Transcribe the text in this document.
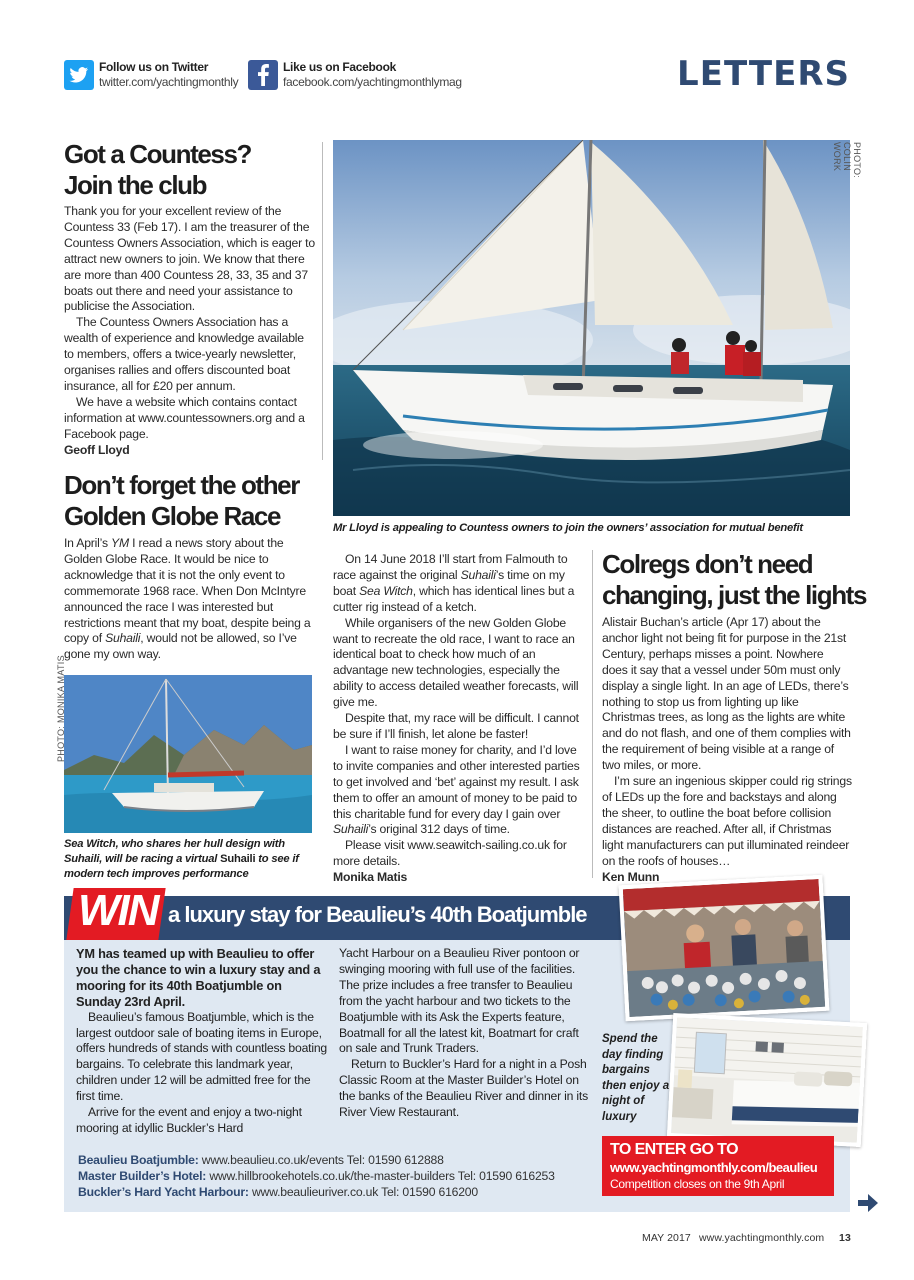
Follow us on Twitter
twitter.com/yachtingmonthly
Like us on Facebook
facebook.com/yachtingmonthlymag	LETTERS
Got a Countess?
Join the club

Thank you for your excellent review of the Countess 33 (Feb 17). I am the treasurer of the Countess Owners Association, which is eager to attract new owners to join. We know that there are more than 400 Countess 28, 33, 35 and 37 boats out there and need your assistance to publicise the Association.

The Countess Owners Association has a wealth of experience and knowledge available to members, offers a twice-yearly newsletter, organises rallies and offers discounted boat insurance, all for £20 per annum.

We have a website which contains contact information at www.countessowners.org and a Facebook page.

Geoff Lloyd

PHOTO: COLIN WORK
Mr Lloyd is appealing to Countess owners to join the owners’ association for mutual benefit
Don’t forget the other
Golden Globe Race

In April’s YM I read a news story about the Golden Globe Race. It would be nice to acknowledge that it is not the only event to commemorate 1968 race. When Don McIntyre announced the race I was interested but restrictions meant that my boat, despite being a copy of Suhaili, would not be allowed, so I’ve gone my own way.

PHOTO: MONIKA MATIS
Sea Witch, who shares her hull design with Suhaili, will be racing a virtual Suhaili to see if modern tech improves performance

On 14 June 2018 I’ll start from Falmouth to race against the original Suhaili’s time on my boat Sea Witch, which has identical lines but a cutter rig instead of a ketch.

While organisers of the new Golden Globe want to recreate the old race, I want to race an identical boat to check how much of an advantage new technologies, especially the ability to access detailed weather forecasts, will give me.

Despite that, my race will be difficult. I cannot be sure if I’ll finish, let alone be faster!

I want to raise money for charity, and I’d love to invite companies and other interested parties to get involved and ‘bet’ against my result. I ask them to offer an amount of money to be paid to this charitable fund for every day I gain over Suhaili’s original 312 days of time.

Please visit www.seawitch-sailing.co.uk for more details.

Monika Matis

Colregs don’t need
changing, just the lights

Alistair Buchan’s article (Apr 17) about the anchor light not being fit for purpose in the 21st Century, perhaps misses a point. Nowhere does it say that a vessel under 50m must only display a single light. In an age of LEDs, there’s nothing to stop us from lighting up like Christmas trees, as long as the lights are white and do not flash, and one of them complies with the requirement of being visible at a range of two miles, or more.

I’m sure an ingenious skipper could rig strings of LEDs up the fore and backstays and along the sheer, to outline the boat before collision distances are reached. After all, if Christmas light manufacturers can put illuminated reindeer on the roofs of houses…

Ken Munn

WIN a luxury stay for Beaulieu’s 40th Boatjumble

YM has teamed up with Beaulieu to offer you the chance to win a luxury stay and a mooring for its 40th Boatjumble on Sunday 23rd April.

Beaulieu’s famous Boatjumble, which is the largest outdoor sale of boating items in Europe, offers hundreds of stands with countless boating bargains. To celebrate this landmark year, children under 12 will be admitted free for the first time.

Arrive for the event and enjoy a two-night mooring at idyllic Buckler’s Hard

Yacht Harbour on a Beaulieu River pontoon or swinging mooring with full use of the facilities. The prize includes a free transfer to Beaulieu from the yacht harbour and two tickets to the Boatjumble with its Ask the Experts feature, Boatmall for all the latest kit, Boatmart for craft on sale and Trunk Traders.

Return to Buckler’s Hard for a night in a Posh Classic Room at the Master Builder’s Hotel on the banks of the Beaulieu River and dinner in its River View Restaurant.

Spend the day finding bargains then enjoy a night of luxury
Beaulieu Boatjumble: www.beaulieu.co.uk/events Tel: 01590 612888
Master Builder’s Hotel: www.hillbrookehotels.co.uk/the-master-builders Tel: 01590 616253
Buckler’s Hard Yacht Harbour: www.beaulieuriver.co.uk Tel: 01590 616200
TO ENTER GO TO
www.yachtingmonthly.com/beaulieu
Competition closes on the 9th April
MAY 2017 www.yachtingmonthly.com 13
